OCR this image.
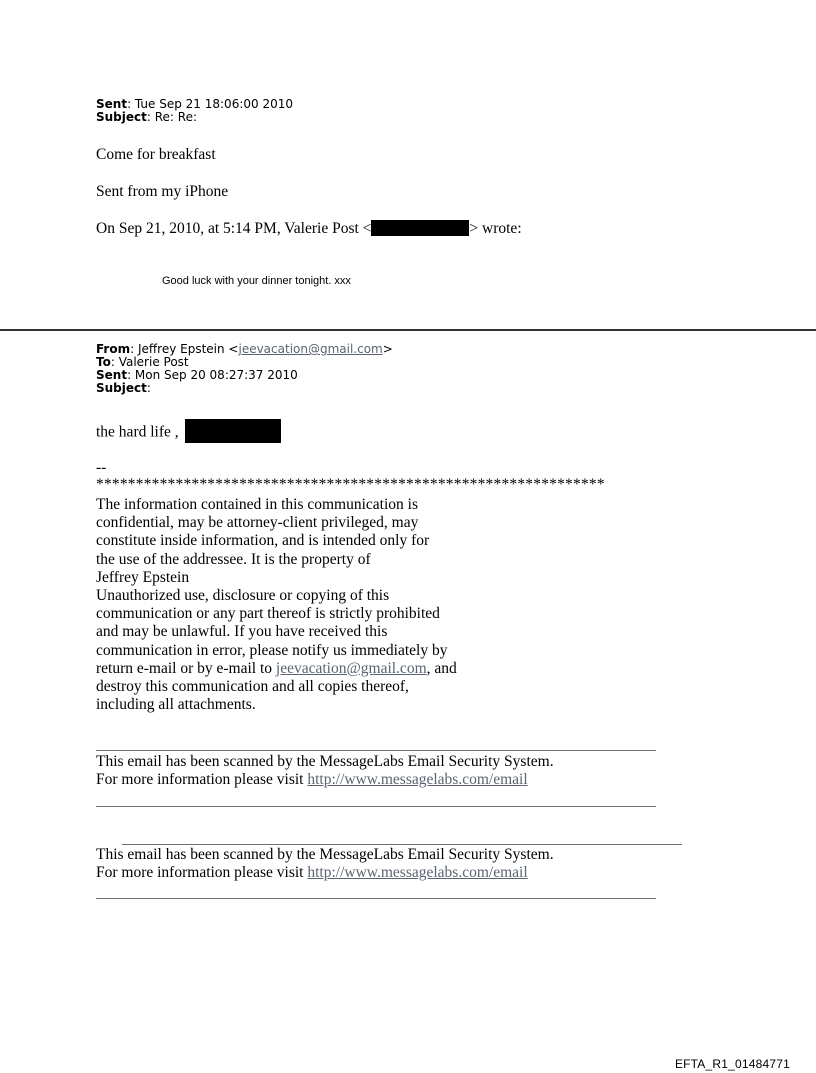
Sent: Tue Sep 21 18:06:00 2010
Subject: Re: Re:
Come for breakfast
Sent from my iPhone
On Sep 21, 2010, at 5:14 PM, Valerie Post <	> wrote:
Good luck with your dinner tonight. xxx
From: Jeffrey Epstein <jeevacation@gmail.com>
To: Valerie Post
Sent: Mon Sep 20 08:27:37 2010
Subject:
the hard life ,
--
****************************************************************
The information contained in this communication is
confidential, may be attorney-client privileged, may
constitute inside information, and is intended only for
the use of the addressee. It is the property of
Jeffrey Epstein
Unauthorized use, disclosure or copying of this
communication or any part thereof is strictly prohibited
and may be unlawful. If you have received this
communication in error, please notify us immediately by
return e-mail or by e-mail to jeevacation@gmail.com, and
destroy this communication and all copies thereof,
including all attachments.
This email has been scanned by the MessageLabs Email Security System.
For more information please visit http://www.messagelabs.com/email
This email has been scanned by the MessageLabs Email Security System.
For more information please visit http://www.messagelabs.com/email
EFTA_R1_01484771
